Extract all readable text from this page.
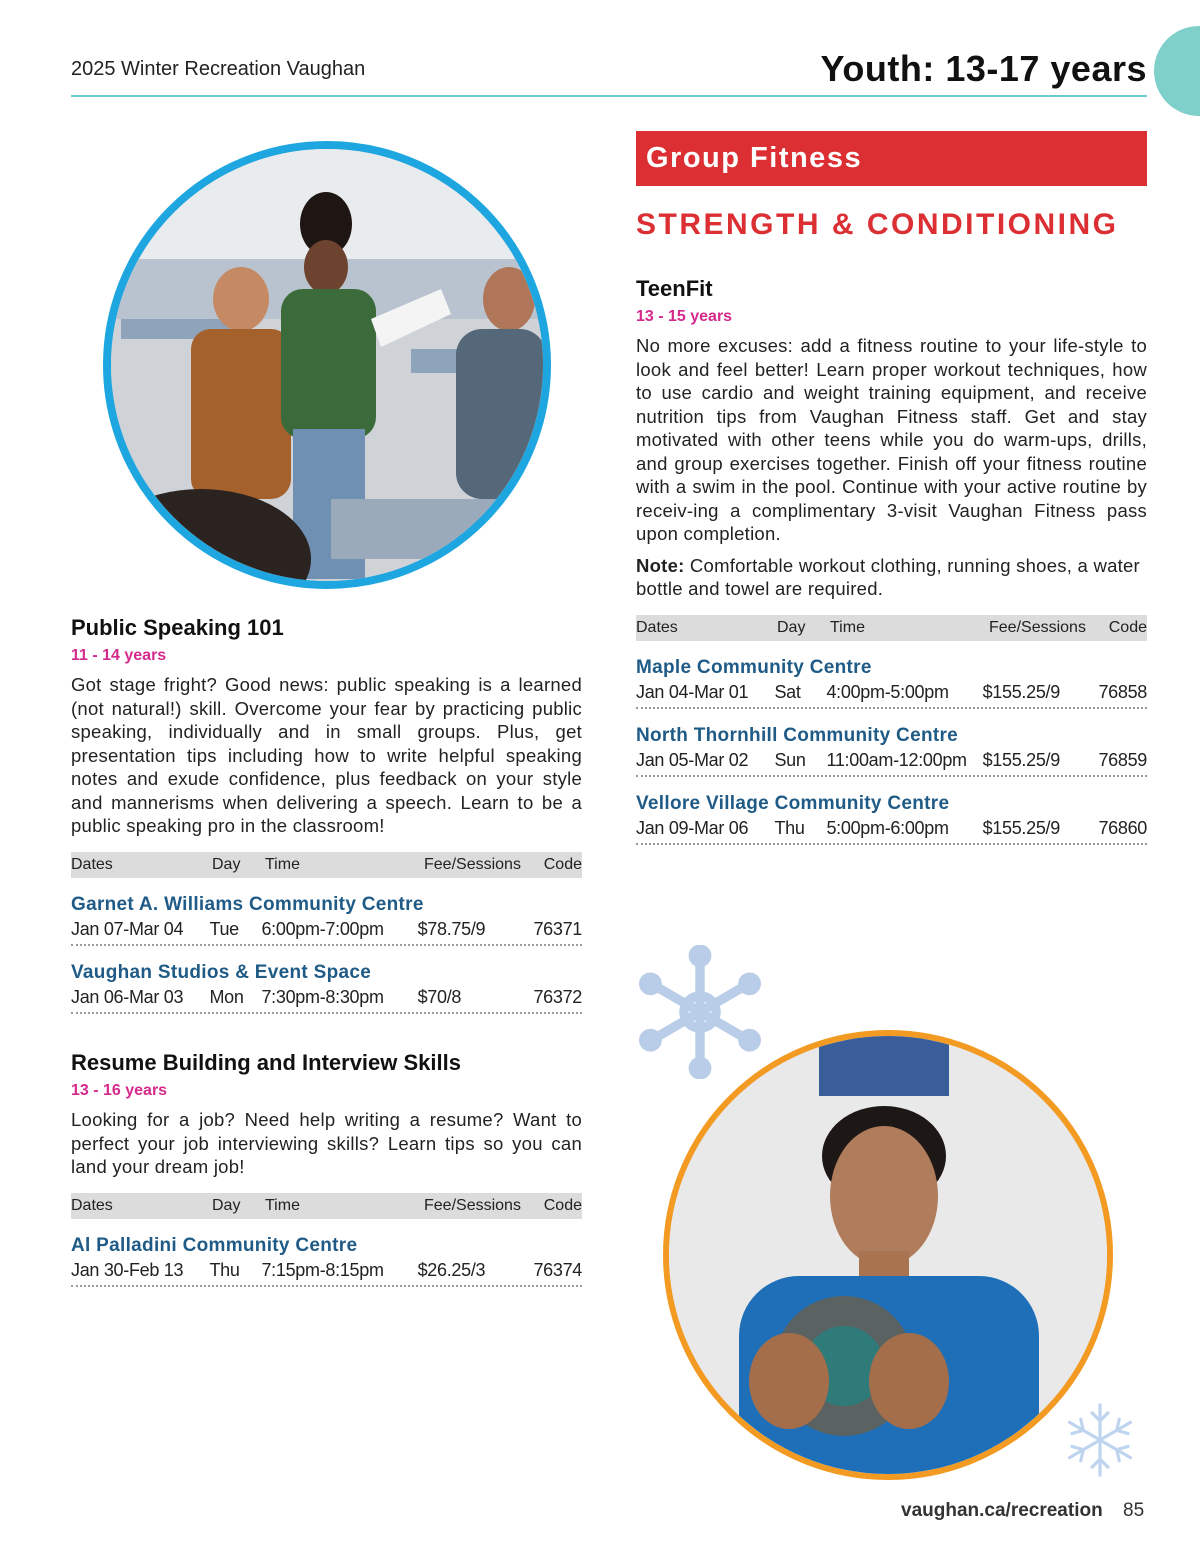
2025 Winter Recreation Vaughan	Youth: 13-17 years
Public Speaking 101
11 - 14 years
Got stage fright? Good news: public speaking is a learned (not natural!) skill. Overcome your fear by practicing public speaking, individually and in small groups. Plus, get presentation tips including how to write helpful speaking notes and exude confidence, plus feedback on your style and mannerisms when delivering a speech. Learn to be a public speaking pro in the classroom!
Dates	Day	Time	Fee/Sessions	Code
Garnet A. Williams Community Centre
Jan 07-Mar 04	Tue	6:00pm-7:00pm	$78.75/9	76371
Vaughan Studios & Event Space
Jan 06-Mar 03	Mon 7:30pm-8:30pm	$70/8	76372
Resume Building and Interview Skills
13 - 16 years
Looking for a job? Need help writing a resume? Want to perfect your job interviewing skills? Learn tips so you can land your dream job!
Dates	Day	Time	Fee/Sessions	Code
Al Palladini Community Centre
Jan 30-Feb 13	Thu	7:15pm-8:15pm	$26.25/3	76374
Group Fitness
STRENGTH & CONDITIONING
TeenFit
13 - 15 years
No more excuses: add a fitness routine to your life-style to look and feel better! Learn proper workout techniques, how to use cardio and weight training equipment, and receive nutrition tips from Vaughan Fitness staff. Get and stay motivated with other teens while you do warm-ups, drills, and group exercises together. Finish off your fitness routine with a swim in the pool. Continue with your active routine by receiv-ing a complimentary 3-visit Vaughan Fitness pass upon completion.
Note: Comfortable workout clothing, running shoes, a water bottle and towel are required.
Dates	Day	Time	Fee/Sessions	Code
Maple Community Centre
Jan 04-Mar 01	Sat	4:00pm-5:00pm	$155.25/9	76858
North Thornhill Community Centre
Jan 05-Mar 02	Sun	11:00am-12:00pm $155.25/9	76859
Vellore Village Community Centre
Jan 09-Mar 06	Thu	5:00pm-6:00pm	$155.25/9	76860
vaughan.ca/recreation 85
